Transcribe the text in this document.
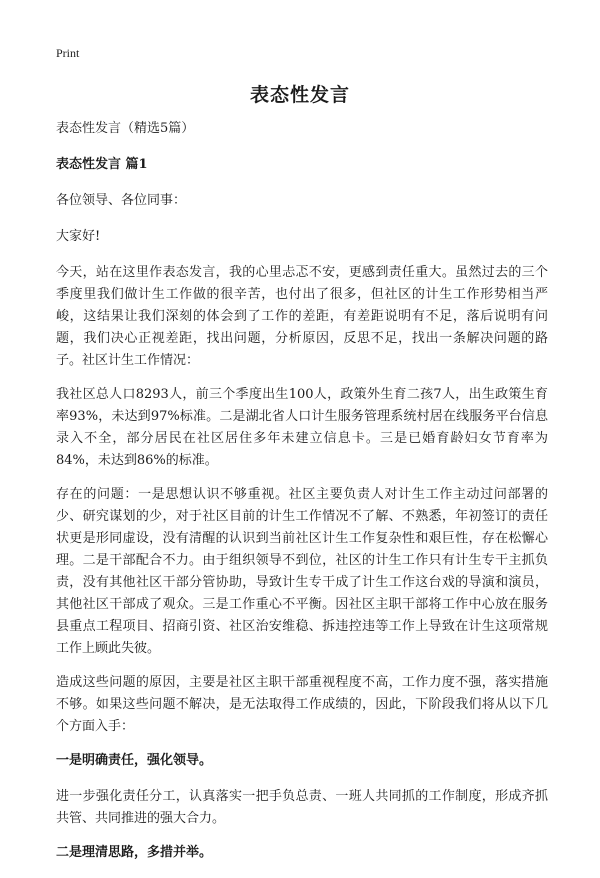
Print
表态性发言

表态性发言（精选5篇）

表态性发言 篇1

各位领导、各位同事：

大家好!

今天，站在这里作表态发言，我的心里忐忑不安，更感到责任重大。虽然过去的三个季度里我们做计生工作做的很辛苦，也付出了很多，但社区的计生工作形势相当严峻，这结果让我们深刻的体会到了工作的差距，有差距说明有不足，落后说明有问题，我们决心正视差距，找出问题，分析原因，反思不足，找出一条解决问题的路子。社区计生工作情况：

我社区总人口8293人，前三个季度出生100人，政策外生育二孩7人，出生政策生育率93%，未达到97%标准。二是湖北省人口计生服务管理系统村居在线服务平台信息录入不全，部分居民在社区居住多年未建立信息卡。三是已婚育龄妇女节育率为84%，未达到86%的标准。

存在的问题：一是思想认识不够重视。社区主要负责人对计生工作主动过问部署的少、研究谋划的少，对于社区目前的计生工作情况不了解、不熟悉，年初签订的责任状更是形同虚设，没有清醒的认识到当前社区计生工作复杂性和艰巨性，存在松懈心理。二是干部配合不力。由于组织领导不到位，社区的计生工作只有计生专干主抓负责，没有其他社区干部分管协助，导致计生专干成了计生工作这台戏的导演和演员，其他社区干部成了观众。三是工作重心不平衡。因社区主职干部将工作中心放在服务县重点工程项目、招商引资、社区治安维稳、拆违控违等工作上导致在计生这项常规工作上顾此失彼。

造成这些问题的原因，主要是社区主职干部重视程度不高，工作力度不强，落实措施不够。如果这些问题不解决，是无法取得工作成绩的，因此，下阶段我们将从以下几个方面入手：

一是明确责任，强化领导。

进一步强化责任分工，认真落实一把手负总责、一班人共同抓的工作制度，形成齐抓共管、共同推进的强大合力。

二是理清思路，多措并举。
